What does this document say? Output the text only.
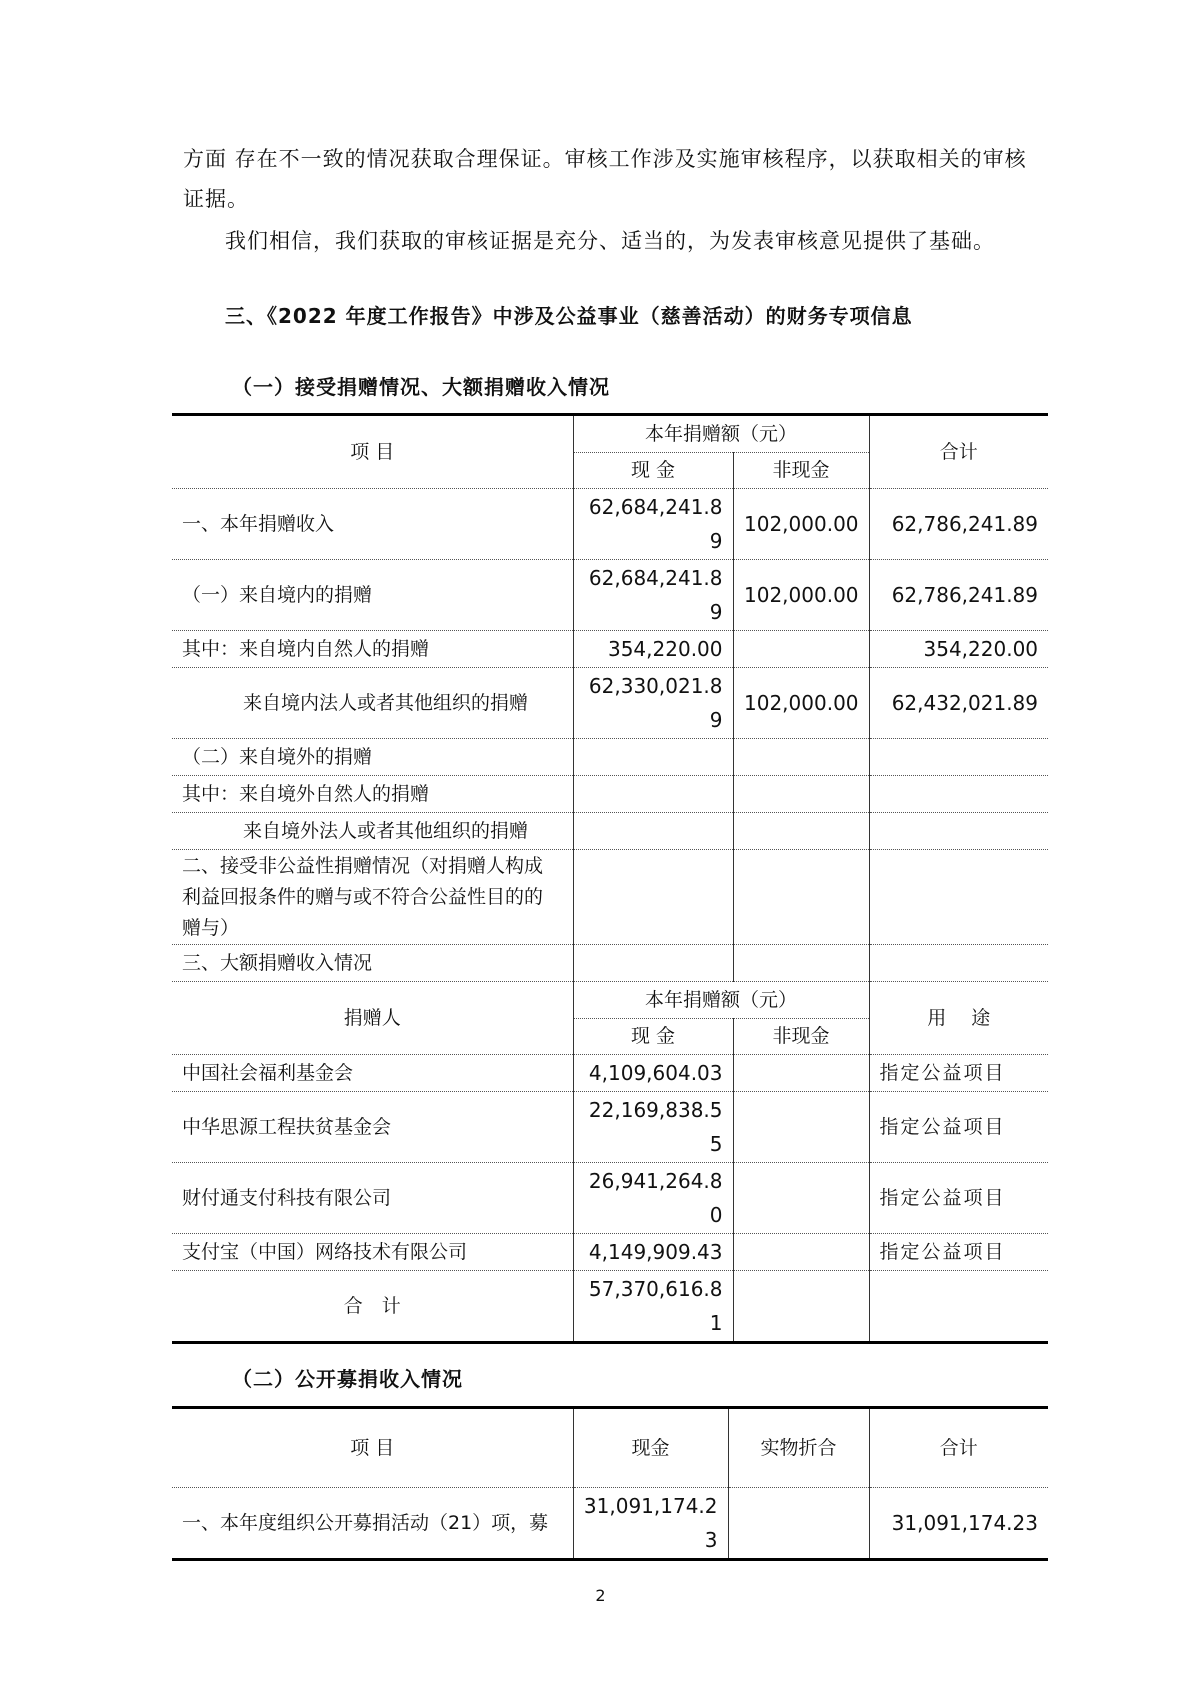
方面 存在不一致的情况获取合理保证。审核工作涉及实施审核程序，以获取相关的审核证据。

我们相信，我们获取的审核证据是充分、适当的，为发表审核意见提供了基础。

三、《2022 年度工作报告》中涉及公益事业（慈善活动）的财务专项信息
（一）接受捐赠情况、大额捐赠收入情况
项 目	本年捐赠额（元）		合计
	现 金	非现金	
一、本年捐赠收入	62,684,241.89	102,000.00	62,786,241.89
（一）来自境内的捐赠	62,684,241.89	102,000.00	62,786,241.89
其中：来自境内自然人的捐赠	354,220.00		354,220.00
来自境内法人或者其他组织的捐赠	62,330,021.89	102,000.00	62,432,021.89
（二）来自境外的捐赠			
其中：来自境外自然人的捐赠			
来自境外法人或者其他组织的捐赠			
二、接受非公益性捐赠情况（对捐赠人构成利益回报条件的赠与或不符合公益性目的的赠与）			
三、大额捐赠收入情况			
捐赠人	本年捐赠额（元）		用　 途
	现 金	非现金	
中国社会福利基金会	4,109,604.03		指定公益项目
中华思源工程扶贫基金会	22,169,838.55		指定公益项目
财付通支付科技有限公司	26,941,264.80		指定公益项目
支付宝（中国）网络技术有限公司	4,149,909.43		指定公益项目
合　计	57,370,616.81		
（二）公开募捐收入情况
项 目	现金	实物折合	合计
一、本年度组织公开募捐活动（21）项，募	31,091,174.23		31,091,174.23
2
